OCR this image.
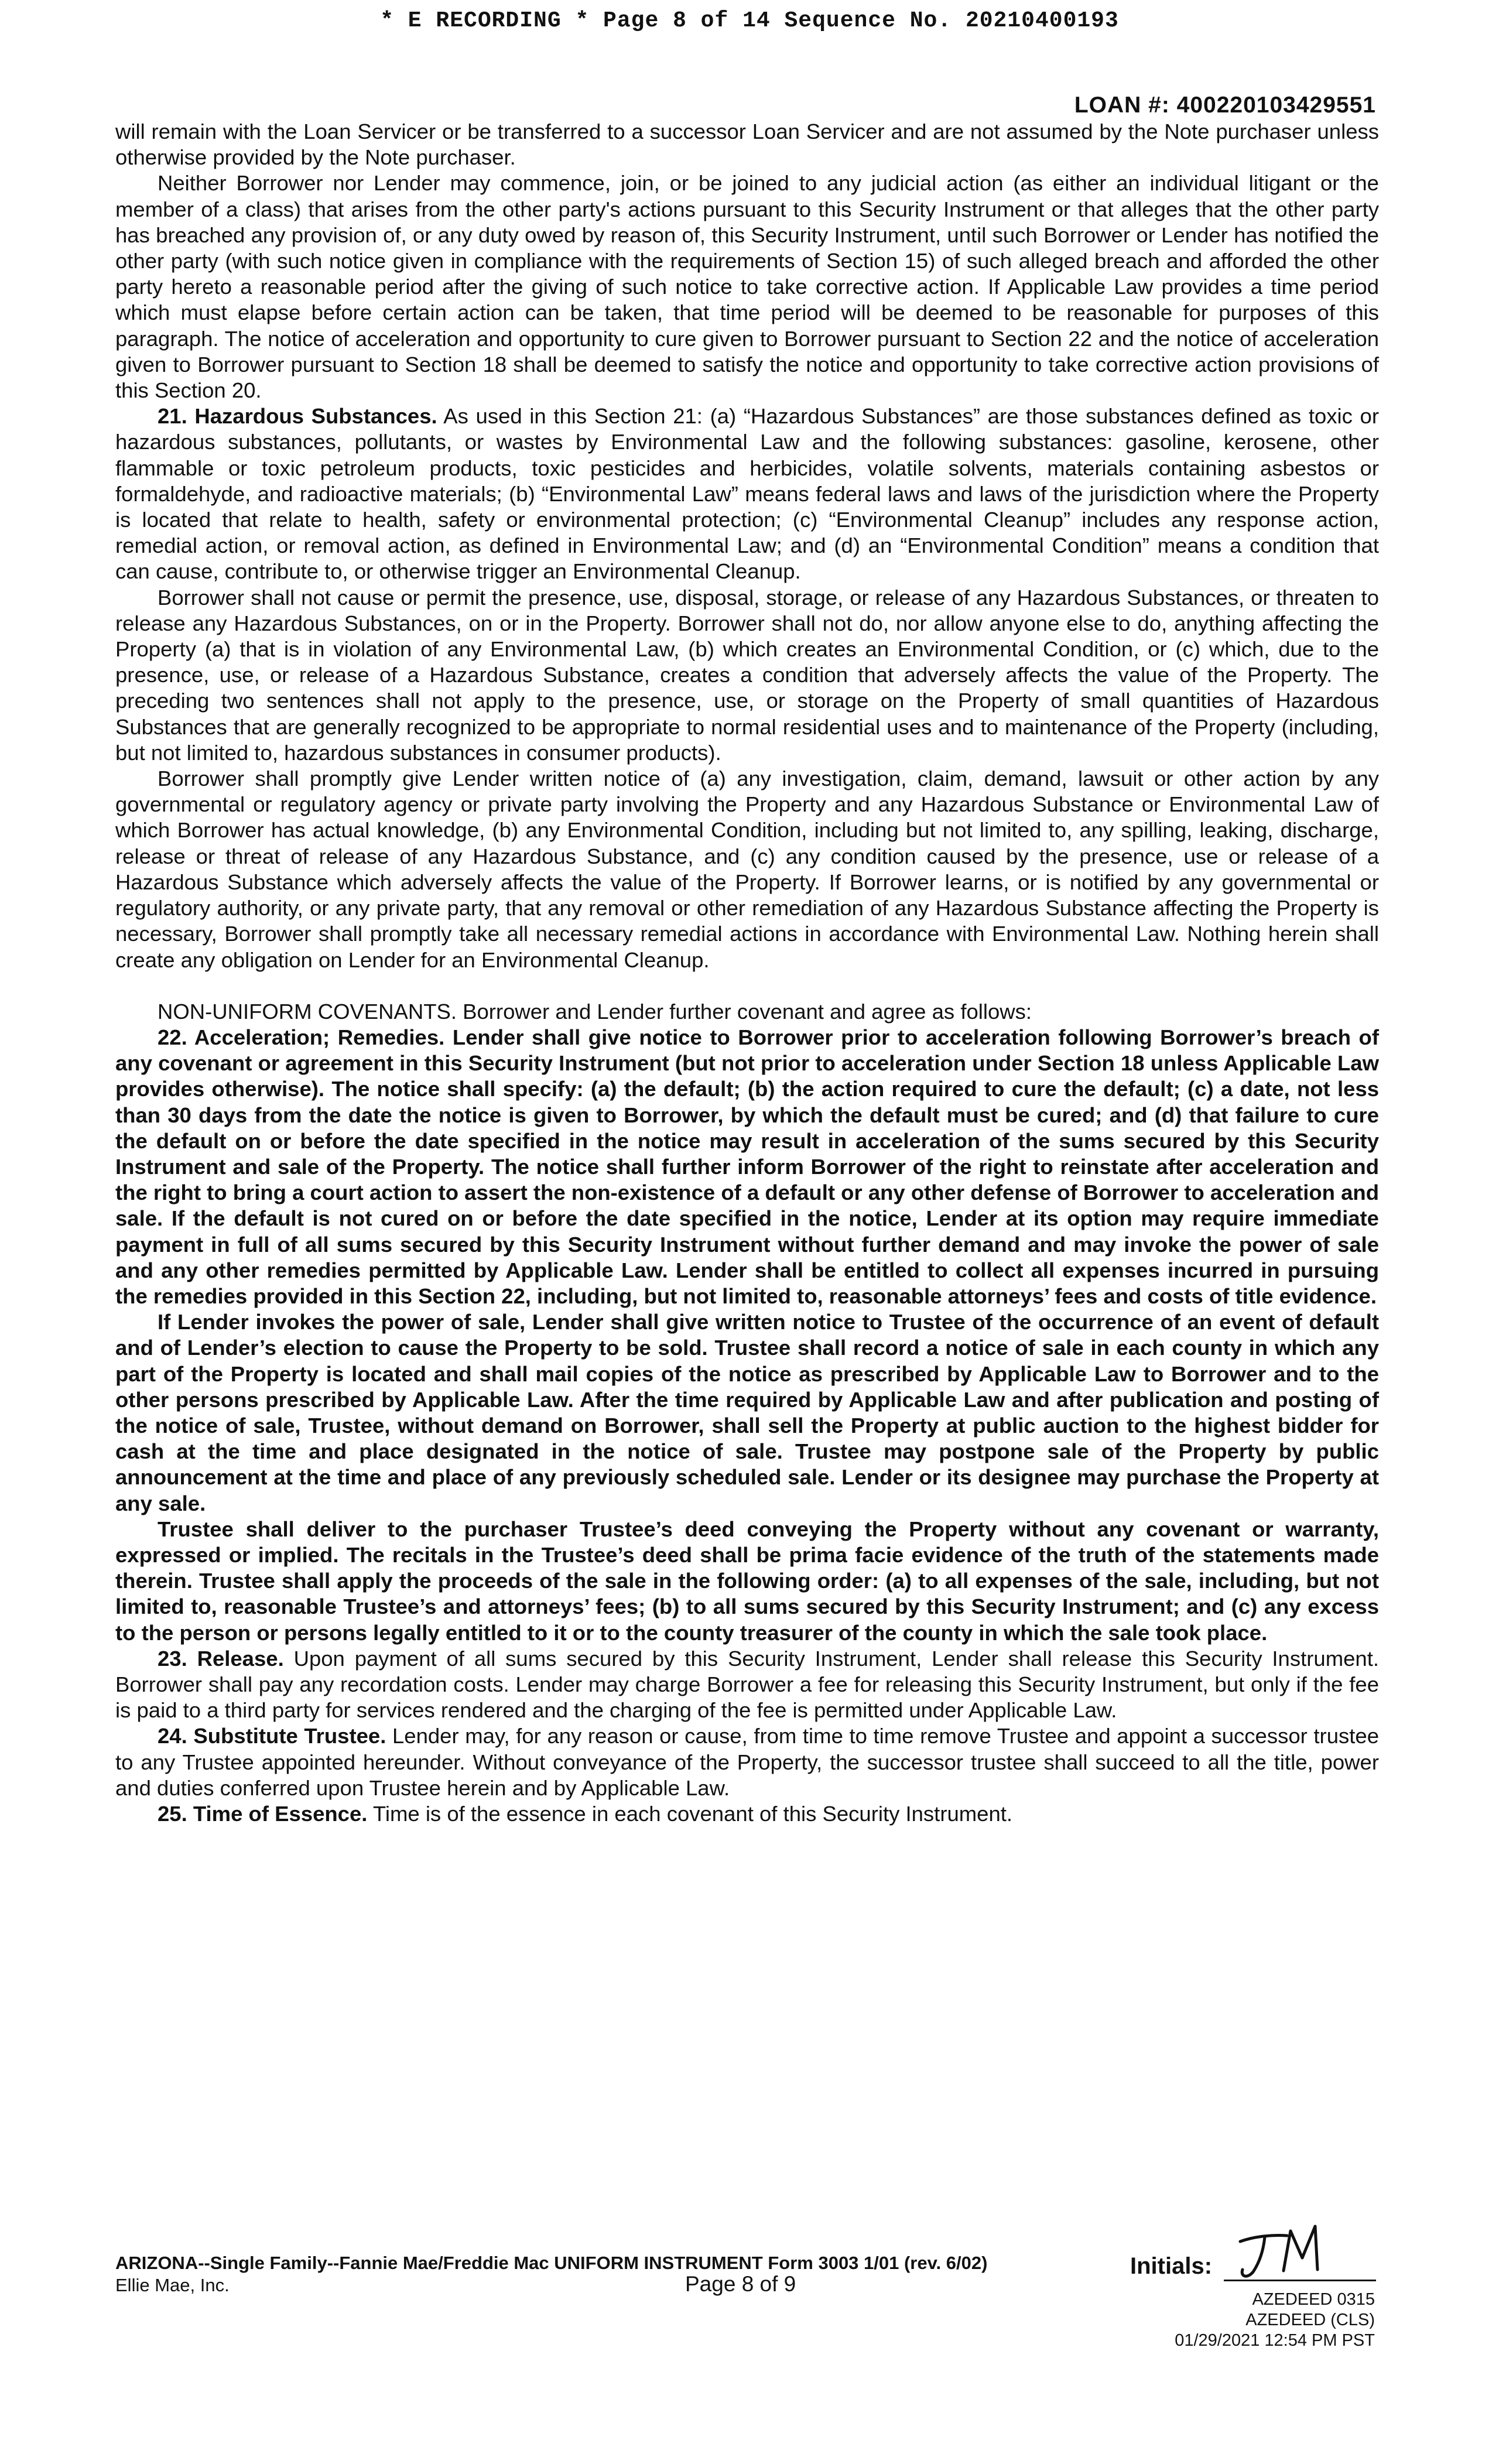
* E RECORDING * Page 8 of 14 Sequence No. 20210400193
LOAN #: 400220103429551

will remain with the Loan Servicer or be transferred to a successor Loan Servicer and are not assumed by the Note purchaser unless otherwise provided by the Note purchaser.

Neither Borrower nor Lender may commence, join, or be joined to any judicial action (as either an individual litigant or the member of a class) that arises from the other party's actions pursuant to this Security Instrument or that alleges that the other party has breached any provision of, or any duty owed by reason of, this Security Instrument, until such Borrower or Lender has notified the other party (with such notice given in compliance with the requirements of Section 15) of such alleged breach and afforded the other party hereto a reasonable period after the giving of such notice to take corrective action. If Applicable Law provides a time period which must elapse before certain action can be taken, that time period will be deemed to be reasonable for purposes of this paragraph. The notice of acceleration and opportunity to cure given to Borrower pursuant to Section 22 and the notice of acceleration given to Borrower pursuant to Section 18 shall be deemed to satisfy the notice and opportunity to take corrective action provisions of this Section 20.

21. Hazardous Substances. As used in this Section 21: (a) “Hazardous Substances” are those substances defined as toxic or hazardous substances, pollutants, or wastes by Environmental Law and the following substances: gasoline, kerosene, other flammable or toxic petroleum products, toxic pesticides and herbicides, volatile solvents, materials containing asbestos or formaldehyde, and radioactive materials; (b) “Environmental Law” means federal laws and laws of the jurisdiction where the Property is located that relate to health, safety or environmental protection; (c) “Environmental Cleanup” includes any response action, remedial action, or removal action, as defined in Environmental Law; and (d) an “Environmental Condition” means a condition that can cause, contribute to, or otherwise trigger an Environmental Cleanup.

Borrower shall not cause or permit the presence, use, disposal, storage, or release of any Hazardous Substances, or threaten to release any Hazardous Substances, on or in the Property. Borrower shall not do, nor allow anyone else to do, anything affecting the Property (a) that is in violation of any Environmental Law, (b) which creates an Environmental Condition, or (c) which, due to the presence, use, or release of a Hazardous Substance, creates a condition that adversely affects the value of the Property. The preceding two sentences shall not apply to the presence, use, or storage on the Property of small quantities of Hazardous Substances that are generally recognized to be appropriate to normal residential uses and to maintenance of the Property (including, but not limited to, hazardous substances in consumer products).

Borrower shall promptly give Lender written notice of (a) any investigation, claim, demand, lawsuit or other action by any governmental or regulatory agency or private party involving the Property and any Hazardous Substance or Environmental Law of which Borrower has actual knowledge, (b) any Environmental Condition, including but not limited to, any spilling, leaking, discharge, release or threat of release of any Hazardous Substance, and (c) any condition caused by the presence, use or release of a Hazardous Substance which adversely affects the value of the Property. If Borrower learns, or is notified by any governmental or regulatory authority, or any private party, that any removal or other remediation of any Hazardous Substance affecting the Property is necessary, Borrower shall promptly take all necessary remedial actions in accordance with Environmental Law. Nothing herein shall create any obligation on Lender for an Environmental Cleanup.

NON-UNIFORM COVENANTS. Borrower and Lender further covenant and agree as follows:

22. Acceleration; Remedies. Lender shall give notice to Borrower prior to acceleration following Borrower’s breach of any covenant or agreement in this Security Instrument (but not prior to acceleration under Section 18 unless Applicable Law provides otherwise). The notice shall specify: (a) the default; (b) the action required to cure the default; (c) a date, not less than 30 days from the date the notice is given to Borrower, by which the default must be cured; and (d) that failure to cure the default on or before the date specified in the notice may result in acceleration of the sums secured by this Security Instrument and sale of the Property. The notice shall further inform Borrower of the right to reinstate after acceleration and the right to bring a court action to assert the non-existence of a default or any other defense of Borrower to acceleration and sale. If the default is not cured on or before the date specified in the notice, Lender at its option may require immediate payment in full of all sums secured by this Security Instrument without further demand and may invoke the power of sale and any other remedies permitted by Applicable Law. Lender shall be entitled to collect all expenses incurred in pursuing the remedies provided in this Section 22, including, but not limited to, reasonable attorneys’ fees and costs of title evidence.

If Lender invokes the power of sale, Lender shall give written notice to Trustee of the occurrence of an event of default and of Lender’s election to cause the Property to be sold. Trustee shall record a notice of sale in each county in which any part of the Property is located and shall mail copies of the notice as prescribed by Applicable Law to Borrower and to the other persons prescribed by Applicable Law. After the time required by Applicable Law and after publication and posting of the notice of sale, Trustee, without demand on Borrower, shall sell the Property at public auction to the highest bidder for cash at the time and place designated in the notice of sale. Trustee may postpone sale of the Property by public announcement at the time and place of any previously scheduled sale. Lender or its designee may purchase the Property at any sale.

Trustee shall deliver to the purchaser Trustee’s deed conveying the Property without any covenant or warranty, expressed or implied. The recitals in the Trustee’s deed shall be prima facie evidence of the truth of the statements made therein. Trustee shall apply the proceeds of the sale in the following order: (a) to all expenses of the sale, including, but not limited to, reasonable Trustee’s and attorneys’ fees; (b) to all sums secured by this Security Instrument; and (c) any excess to the person or persons legally entitled to it or to the county treasurer of the county in which the sale took place.

23. Release. Upon payment of all sums secured by this Security Instrument, Lender shall release this Security Instrument. Borrower shall pay any recordation costs. Lender may charge Borrower a fee for releasing this Security Instrument, but only if the fee is paid to a third party for services rendered and the charging of the fee is permitted under Applicable Law.

24. Substitute Trustee. Lender may, for any reason or cause, from time to time remove Trustee and appoint a successor trustee to any Trustee appointed hereunder. Without conveyance of the Property, the successor trustee shall succeed to all the title, power and duties conferred upon Trustee herein and by Applicable Law.

25. Time of Essence. Time is of the essence in each covenant of this Security Instrument.

ARIZONA--Single Family--Fannie Mae/Freddie Mac UNIFORM INSTRUMENT Form 3003 1/01 (rev. 6/02)
Ellie Mae, Inc.	Page 8 of 9
Initials:
AZEDEED 0315
AZEDEED (CLS)
01/29/2021 12:54 PM PST
